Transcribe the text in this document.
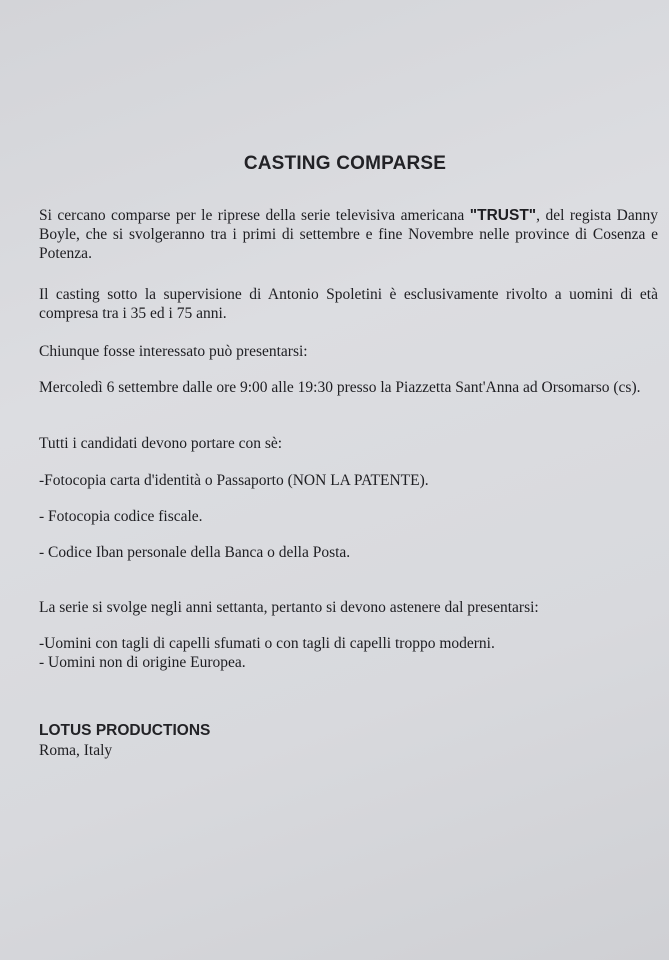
CASTING COMPARSE

Si cercano comparse per le riprese della serie televisiva americana "TRUST", del regista Danny Boyle, che si svolgeranno tra i primi di settembre e fine Novembre nelle province di Cosenza e Potenza.

Il casting sotto la supervisione di Antonio Spoletini è esclusivamente rivolto a uomini di età compresa tra i 35 ed i 75 anni.

Chiunque fosse interessato può presentarsi:

Mercoledì 6 settembre dalle ore 9:00 alle 19:30 presso la Piazzetta Sant'Anna ad Orsomarso (cs).

Tutti i candidati devono portare con sè:

-Fotocopia carta d'identità o Passaporto (NON LA PATENTE).

- Fotocopia codice fiscale.

- Codice Iban personale della Banca o della Posta.

La serie si svolge negli anni settanta, pertanto si devono astenere dal presentarsi:

-Uomini con tagli di capelli sfumati o con tagli di capelli troppo moderni.

- Uomini non di origine Europea.

LOTUS PRODUCTIONS
Roma, Italy
